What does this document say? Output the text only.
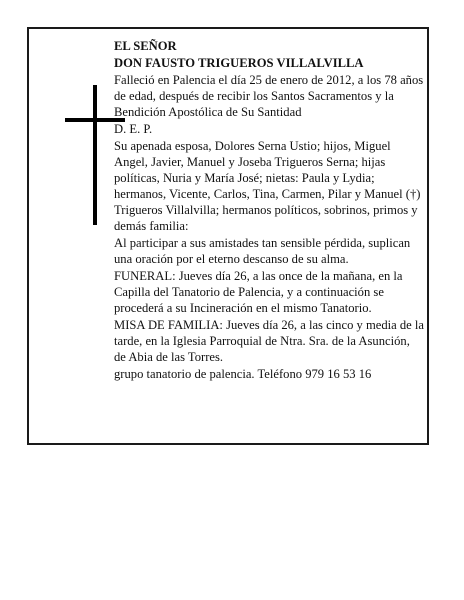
EL SEÑOR

DON FAUSTO TRIGUEROS VILLALVILLA

Falleció en Palencia el día 25 de enero de 2012, a los 78 años de edad, después de recibir los Santos Sacramentos y la Bendición Apostólica de Su Santidad

D. E. P.

Su apenada esposa, Dolores Serna Ustio; hijos, Miguel Angel, Javier, Manuel y Joseba Trigueros Serna; hijas políticas, Nuria y María José; nietas: Paula y Lydia; hermanos, Vicente, Carlos, Tina, Carmen, Pilar y Manuel (†) Trigueros Villalvilla; hermanos políticos, sobrinos, primos y demás familia:

Al participar a sus amistades tan sensible pérdida, suplican una oración por el eterno descanso de su alma.

FUNERAL: Jueves día 26, a las once de la mañana, en la Capilla del Tanatorio de Palencia, y a continuación se procederá a su Incineración en el mismo Tanatorio.

MISA DE FAMILIA: Jueves día 26, a las cinco y media de la tarde, en la Iglesia Parroquial de Ntra. Sra. de la Asunción, de Abia de las Torres.

grupo tanatorio de palencia. Teléfono 979 16 53 16
